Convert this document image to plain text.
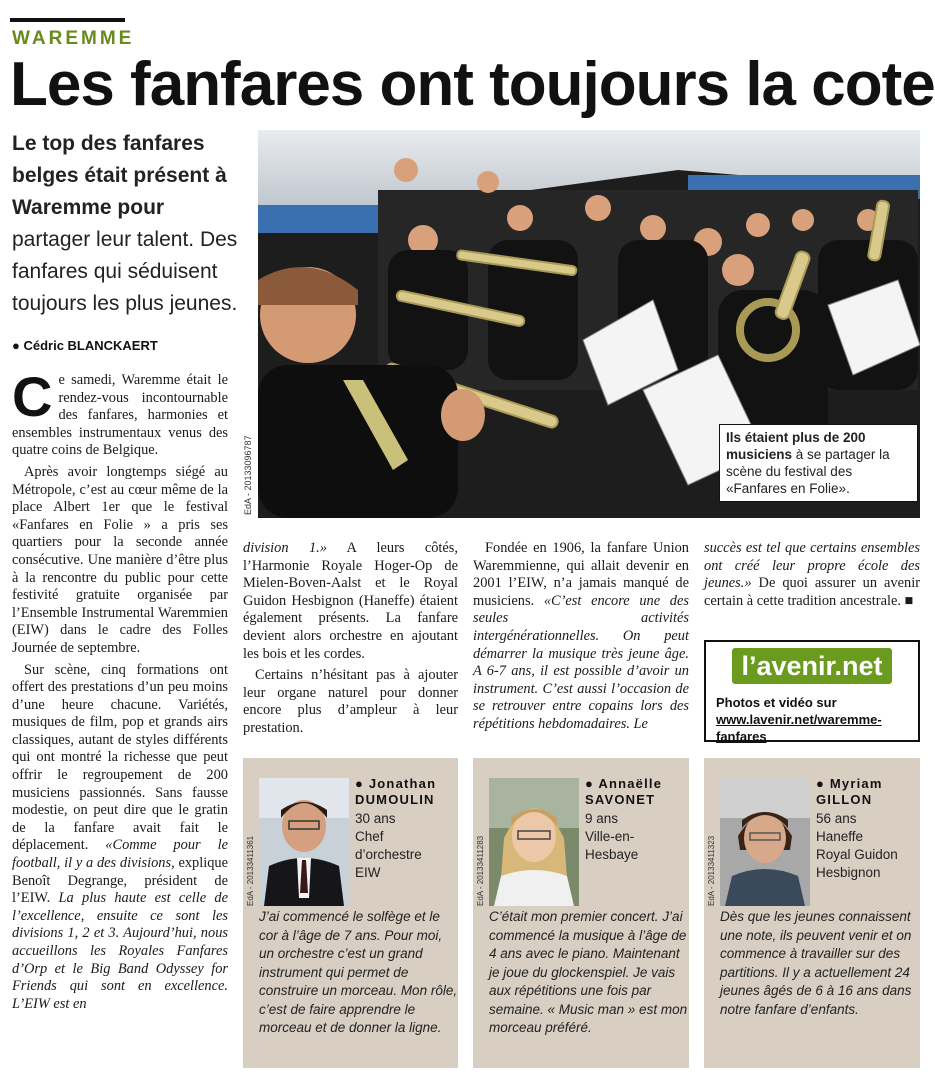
WAREMME
Les fanfares ont toujours la cote
Le top des fanfares belges était présent à Waremme pour partager leur talent. Des fanfares qui séduisent toujours les plus jeunes.
● Cédric BLANCKAERT
EdA - 201330967​87	Ils étaient plus de 200 musiciens à se partager la scène du festival des «Fanfares en Folie».

Ce samedi, Waremme était le rendez-vous incontournable des fanfares, harmonies et ensembles instrumentaux venus des quatre coins de Belgique.

Après avoir longtemps siégé au Métropole, c’est au cœur même de la place Albert 1er que le festival «Fanfares en Folie » a pris ses quartiers pour la seconde année consécutive. Une manière d’être plus à la rencontre du public pour cette festivité gratuite organisée par l’Ensemble Instrumental Waremmien (EIW) dans le cadre des Folles Journée de septembre.

Sur scène, cinq formations ont offert des prestations d’un peu moins d’une heure chacune. Variétés, musiques de film, pop et grands airs classiques, autant de styles différents qui ont montré la richesse que peut offrir le regroupement de 200 musiciens passionnés. Sans fausse modestie, on peut dire que le gratin de la fanfare avait fait le déplacement. «Comme pour le football, il y a des divisions, explique Benoît Degrange, président de l’EIW. La plus haute est celle de l’excellence, ensuite ce sont les divisions 1, 2 et 3. Aujourd’hui, nous accueillons les Royales Fanfares d’Orp et le Big Band Odyssey for Friends qui sont en excellence. L’EIW est en

division 1.» A leurs côtés, l’Harmonie Royale Hoger-Op de Mielen-Boven-Aalst et le Royal Guidon Hesbignon (Haneffe) étaient également présents. La fanfare devient alors orchestre en ajoutant les bois et les cordes.

Certains n’hésitant pas à ajouter leur organe naturel pour donner encore plus d’ampleur à leur prestation.

Fondée en 1906, la fanfare Union Waremmienne, qui allait devenir en 2001 l’EIW, n’a jamais manqué de musiciens. «C’est encore une des seules activités intergénérationnelles. On peut démarrer la musique très jeune âge. A 6-7 ans, il est possible d’avoir un instrument. C’est aussi l’occasion de se retrouver entre copains lors des répétitions hebdomadaires. Le

succès est tel que certains ensembles ont créé leur propre école des jeunes.» De quoi assurer un avenir certain à cette tradition ancestrale. ■

l’avenir.net
Photos et vidéo sur www.lavenir.net/waremme-fanfares
EdA - 20133411361
● Jonathan
DUMOULIN
30 ans
Chef
d’orchestre
EIW
J’ai commencé le solfège et le cor à l’âge de 7 ans. Pour moi, un orchestre c’est un grand instrument qui permet de construire un morceau. Mon rôle, c’est de faire apprendre le morceau et de donner la ligne.
EdA - 20133411283
● Annaëlle
SAVONET
9 ans
Ville-en-
Hesbaye
C’était mon premier concert. J’ai commencé la musique à l’âge de 4 ans avec le piano. Maintenant je joue du glockenspiel. Je vais aux répétitions une fois par semaine. « Music man » est mon morceau préféré.
EdA - 20133411323
● Myriam
GILLON
56 ans
Haneffe
Royal Guidon
Hesbignon
Dès que les jeunes connaissent une note, ils peuvent venir et on commence à travailler sur des partitions. Il y a actuellement 24 jeunes âgés de 6 à 16 ans dans notre fanfare d’enfants.
